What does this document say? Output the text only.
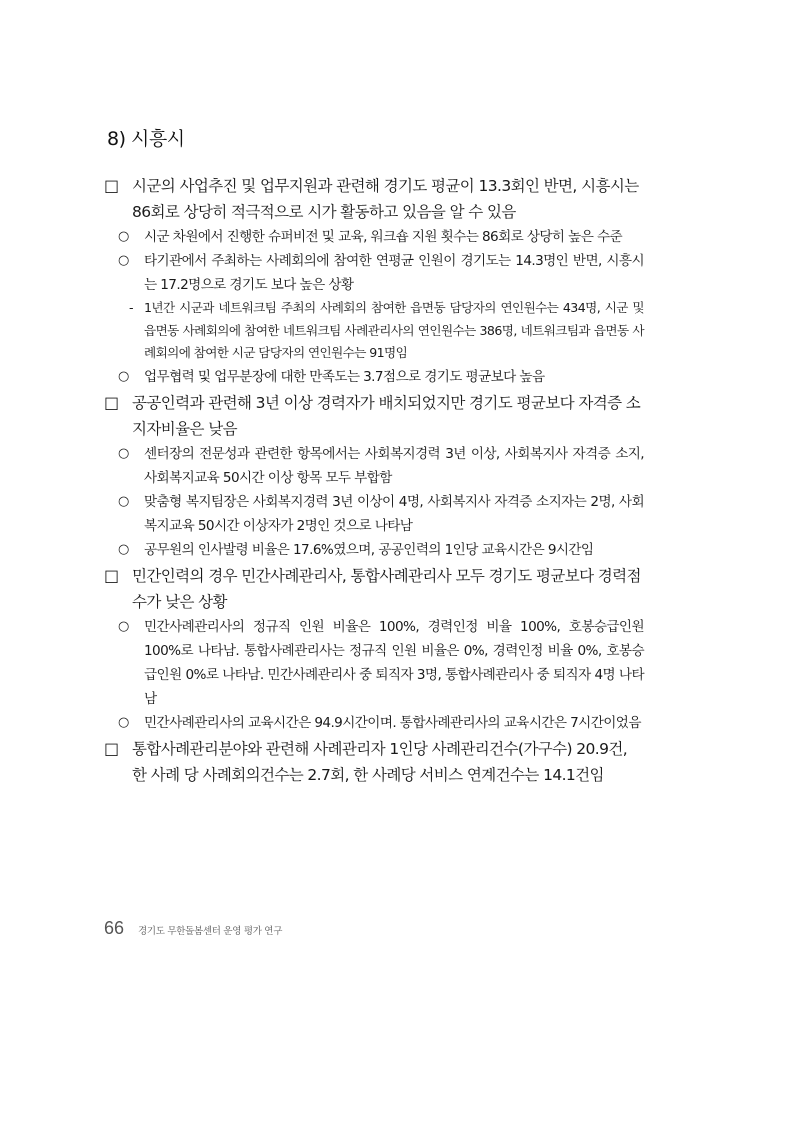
8) 시흥시
□ 시군의 사업추진 및 업무지원과 관련해 경기도 평균이 13.3회인 반면, 시흥시는 86회로 상당히 적극적으로 시가 활동하고 있음을 알 수 있음
○ 시군 차원에서 진행한 슈퍼비전 및 교육, 워크숍 지원 횟수는 86회로 상당히 높은 수준
○ 타기관에서 주최하는 사례회의에 참여한 연평균 인원이 경기도는 14.3명인 반면, 시흥시는 17.2명으로 경기도 보다 높은 상황
- 1년간 시군과 네트워크팀 주최의 사례회의 참여한 읍면동 담당자의 연인원수는 434명, 시군 및 읍면동 사례회의에 참여한 네트워크팀 사례관리사의 연인원수는 386명, 네트워크팀과 읍면동 사례회의에 참여한 시군 담당자의 연인원수는 91명임
○ 업무협력 및 업무분장에 대한 만족도는 3.7점으로 경기도 평균보다 높음
□ 공공인력과 관련해 3년 이상 경력자가 배치되었지만 경기도 평균보다 자격증 소지자비율은 낮음
○ 센터장의 전문성과 관련한 항목에서는 사회복지경력 3년 이상, 사회복지사 자격증 소지, 사회복지교육 50시간 이상 항목 모두 부합함
○ 맞춤형 복지팀장은 사회복지경력 3년 이상이 4명, 사회복지사 자격증 소지자는 2명, 사회복지교육 50시간 이상자가 2명인 것으로 나타남
○ 공무원의 인사발령 비율은 17.6%였으며, 공공인력의 1인당 교육시간은 9시간임
□ 민간인력의 경우 민간사례관리사, 통합사례관리사 모두 경기도 평균보다 경력점수가 낮은 상황
○ 민간사례관리사의 정규직 인원 비율은 100%, 경력인정 비율 100%, 호봉승급인원 100%로 나타남. 통합사례관리사는 정규직 인원 비율은 0%, 경력인정 비율 0%, 호봉승급인원 0%로 나타남. 민간사례관리사 중 퇴직자 3명, 통합사례관리사 중 퇴직자 4명 나타남
○ 민간사례관리사의 교육시간은 94.9시간이며. 통합사례관리사의 교육시간은 7시간이었음
□ 통합사례관리분야와 관련해 사례관리자 1인당 사례관리건수(가구수) 20.9건, 한 사례 당 사례회의건수는 2.7회, 한 사례당 서비스 연계건수는 14.1건임
66 경기도 무한돌봄센터 운영 평가 연구
